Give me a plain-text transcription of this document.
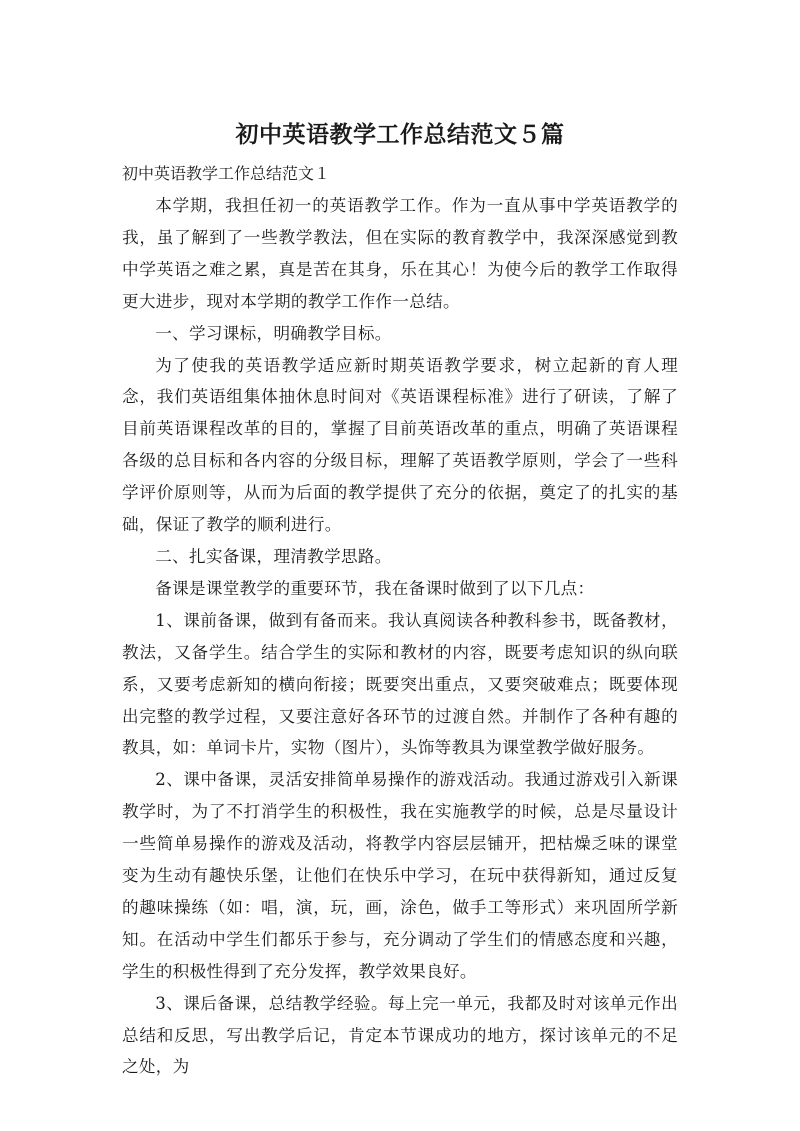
初中英语教学工作总结范文５篇

初中英语教学工作总结范文１

本学期，我担任初一的英语教学工作。作为一直从事中学英语教学的我，虽了解到了一些教学教法，但在实际的教育教学中，我深深感觉到教中学英语之难之累，真是苦在其身，乐在其心！为使今后的教学工作取得更大进步，现对本学期的教学工作作一总结。

一、学习课标，明确教学目标。

为了使我的英语教学适应新时期英语教学要求，树立起新的育人理念，我们英语组集体抽休息时间对《英语课程标准》进行了研读，了解了目前英语课程改革的目的，掌握了目前英语改革的重点，明确了英语课程各级的总目标和各内容的分级目标，理解了英语教学原则，学会了一些科学评价原则等，从而为后面的教学提供了充分的依据，奠定了的扎实的基础，保证了教学的顺利进行。

二、扎实备课，理清教学思路。

备课是课堂教学的重要环节，我在备课时做到了以下几点：

1、课前备课，做到有备而来。我认真阅读各种教科参书，既备教材，教法，又备学生。结合学生的实际和教材的内容，既要考虑知识的纵向联系，又要考虑新知的横向衔接；既要突出重点，又要突破难点；既要体现出完整的教学过程，又要注意好各环节的过渡自然。并制作了各种有趣的教具，如：单词卡片，实物（图片），头饰等教具为课堂教学做好服务。

2、课中备课，灵活安排简单易操作的游戏活动。我通过游戏引入新课教学时，为了不打消学生的积极性，我在实施教学的时候，总是尽量设计一些简单易操作的游戏及活动，将教学内容层层铺开，把枯燥乏味的课堂变为生动有趣快乐堡，让他们在快乐中学习，在玩中获得新知，通过反复的趣味操练（如：唱，演，玩，画，涂色，做手工等形式）来巩固所学新知。在活动中学生们都乐于参与，充分调动了学生们的情感态度和兴趣，学生的积极性得到了充分发挥，教学效果良好。

3、课后备课，总结教学经验。每上完一单元，我都及时对该单元作出总结和反思，写出教学后记，肯定本节课成功的地方，探讨该单元的不足之处，为
